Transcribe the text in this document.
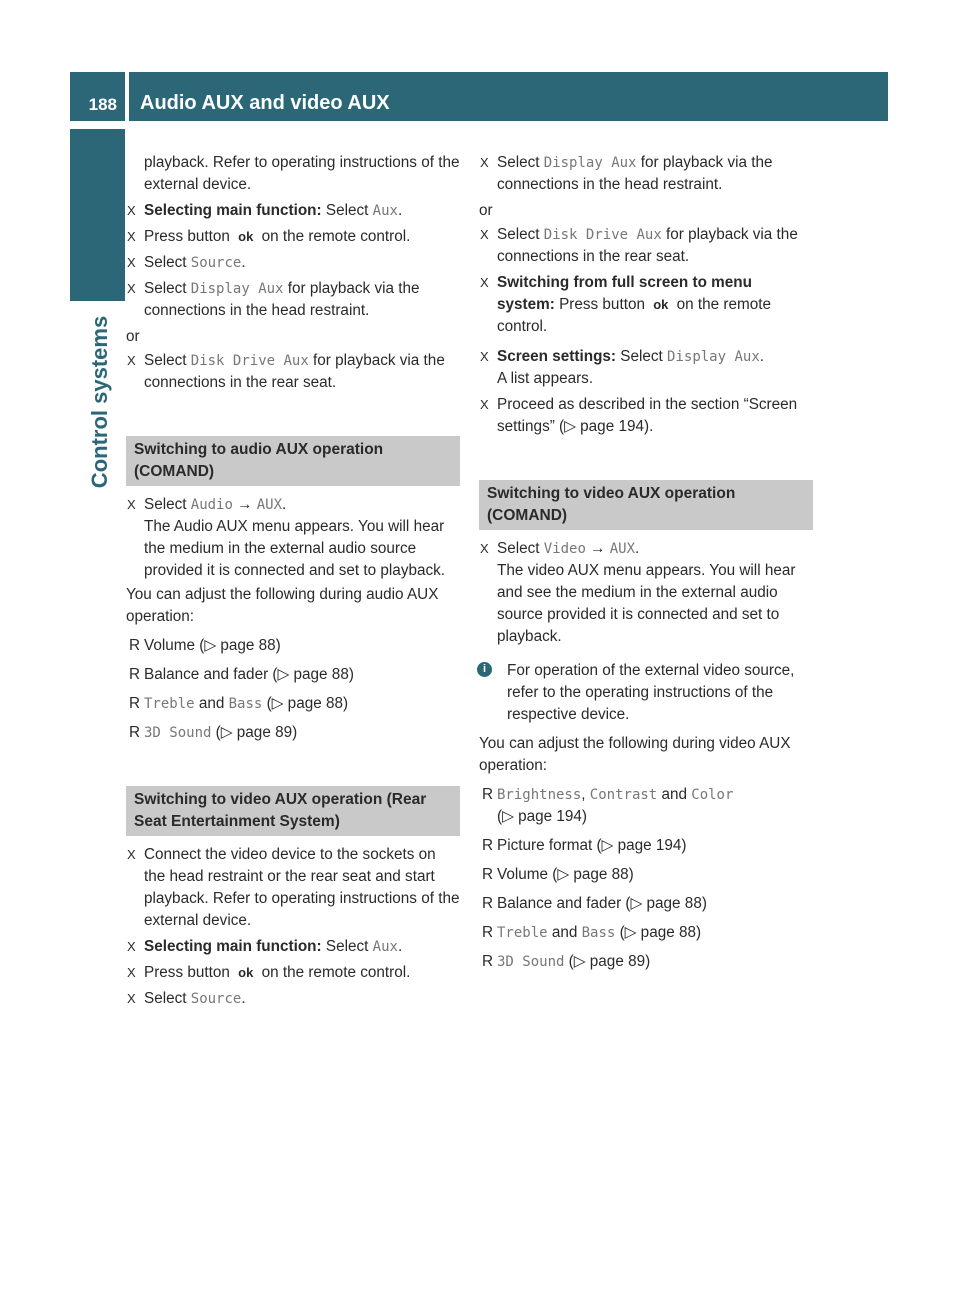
188 Audio AUX and video AUX
Control systems

playback. Refer to operating instructions of the external device.

X Selecting main function: Select Aux.

X Press button ok on the remote control.

X Select Source.

X Select Display Aux for playback via the connections in the head restraint.

or

X Select Disk Drive Aux for playback via the connections in the rear seat.

Switching to audio AUX operation (COMAND)

X Select Audio → AUX.
The Audio AUX menu appears. You will hear the medium in the external audio source provided it is connected and set to playback.

You can adjust the following during audio AUX operation:

R Volume (▷ page 88)

R Balance and fader (▷ page 88)

R Treble and Bass (▷ page 88)

R 3D Sound (▷ page 89)

Switching to video AUX operation (Rear Seat Entertainment System)

X Connect the video device to the sockets on the head restraint or the rear seat and start playback. Refer to operating instructions of the external device.

X Selecting main function: Select Aux.

X Press button ok on the remote control.

X Select Source.

X Select Display Aux for playback via the connections in the head restraint.

or

X Select Disk Drive Aux for playback via the connections in the rear seat.

X Switching from full screen to menu system: Press button ok on the remote control.

X Screen settings: Select Display Aux.
A list appears.

X Proceed as described in the section “Screen settings” (▷ page 194).

Switching to video AUX operation (COMAND)

X Select Video → AUX.
The video AUX menu appears. You will hear and see the medium in the external audio source provided it is connected and set to playback.

i	For operation of the external video source, refer to the operating instructions of the respective device.

You can adjust the following during video AUX operation:

R Brightness, Contrast and Color
(▷ page 194)

R Picture format (▷ page 194)

R Volume (▷ page 88)

R Balance and fader (▷ page 88)

R Treble and Bass (▷ page 88)

R 3D Sound (▷ page 89)
